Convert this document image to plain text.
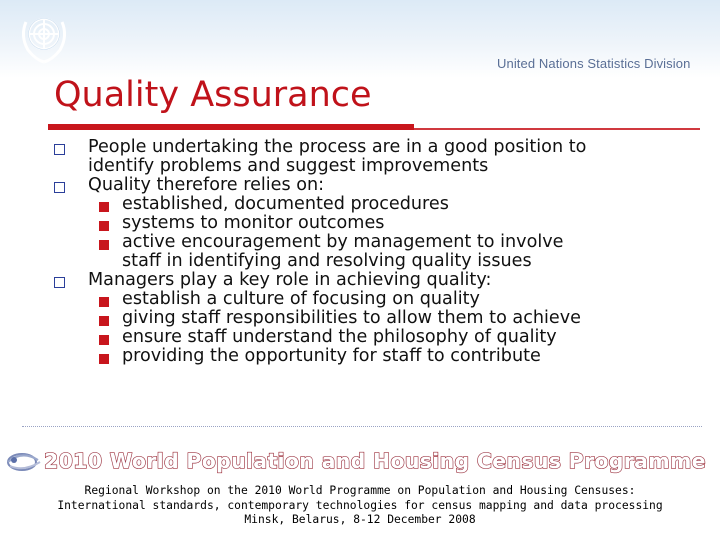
United Nations Statistics Division
Quality Assurance
People undertaking the process are in a good position to
identify problems and suggest improvements
Quality therefore relies on:
established, documented procedures
systems to monitor outcomes
active encouragement by management to involve
staff in identifying and resolving quality issues
Managers play a key role in achieving quality:
establish a culture of focusing on quality
giving staff responsibilities to allow them to achieve
ensure staff understand the philosophy of quality
providing the opportunity for staff to contribute
2010 World Population and Housing Census Programme
Regional Workshop on the 2010 World Programme on Population and Housing Censuses:
International standards, contemporary technologies for census mapping and data processing
Minsk, Belarus, 8-12 December 2008
